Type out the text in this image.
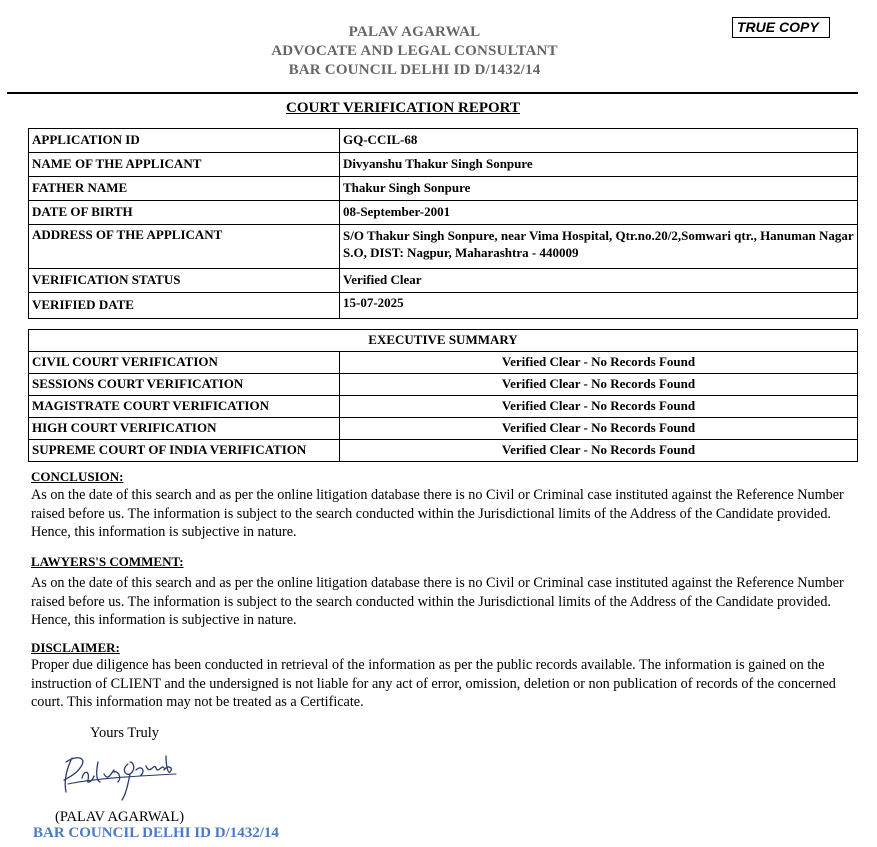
PALAV AGARWAL
ADVOCATE AND LEGAL CONSULTANT
BAR COUNCIL DELHI ID D/1432/14
TRUE COPY
COURT VERIFICATION REPORT
APPLICATION ID	GQ-CCIL-68
NAME OF THE APPLICANT	Divyanshu Thakur Singh Sonpure
FATHER NAME	Thakur Singh Sonpure
DATE OF BIRTH	08-September-2001
ADDRESS OF THE APPLICANT	S/O Thakur Singh Sonpure, near Vima Hospital, Qtr.no.20/2,Somwari qtr., Hanuman Nagar S.O, DIST: Nagpur, Maharashtra - 440009
VERIFICATION STATUS	Verified Clear
VERIFIED DATE	15-07-2025
EXECUTIVE SUMMARY	
CIVIL COURT VERIFICATION	Verified Clear - No Records Found
SESSIONS COURT VERIFICATION	Verified Clear - No Records Found
MAGISTRATE COURT VERIFICATION	Verified Clear - No Records Found
HIGH COURT VERIFICATION	Verified Clear - No Records Found
SUPREME COURT OF INDIA VERIFICATION	Verified Clear - No Records Found
CONCLUSION:
As on the date of this search and as per the online litigation database there is no Civil or Criminal case instituted against the Reference Number raised before us. The information is subject to the search conducted within the Jurisdictional limits of the Address of the Candidate provided. Hence, this information is subjective in nature.
LAWYERS'S COMMENT:
As on the date of this search and as per the online litigation database there is no Civil or Criminal case instituted against the Reference Number raised before us. The information is subject to the search conducted within the Jurisdictional limits of the Address of the Candidate provided. Hence, this information is subjective in nature.
DISCLAIMER:
Proper due diligence has been conducted in retrieval of the information as per the public records available. The information is gained on the instruction of CLIENT and the undersigned is not liable for any act of error, omission, deletion or non publication of records of the concerned court. This information may not be treated as a Certificate.
Yours Truly
(PALAV AGARWAL)
BAR COUNCIL DELHI ID D/1432/14
